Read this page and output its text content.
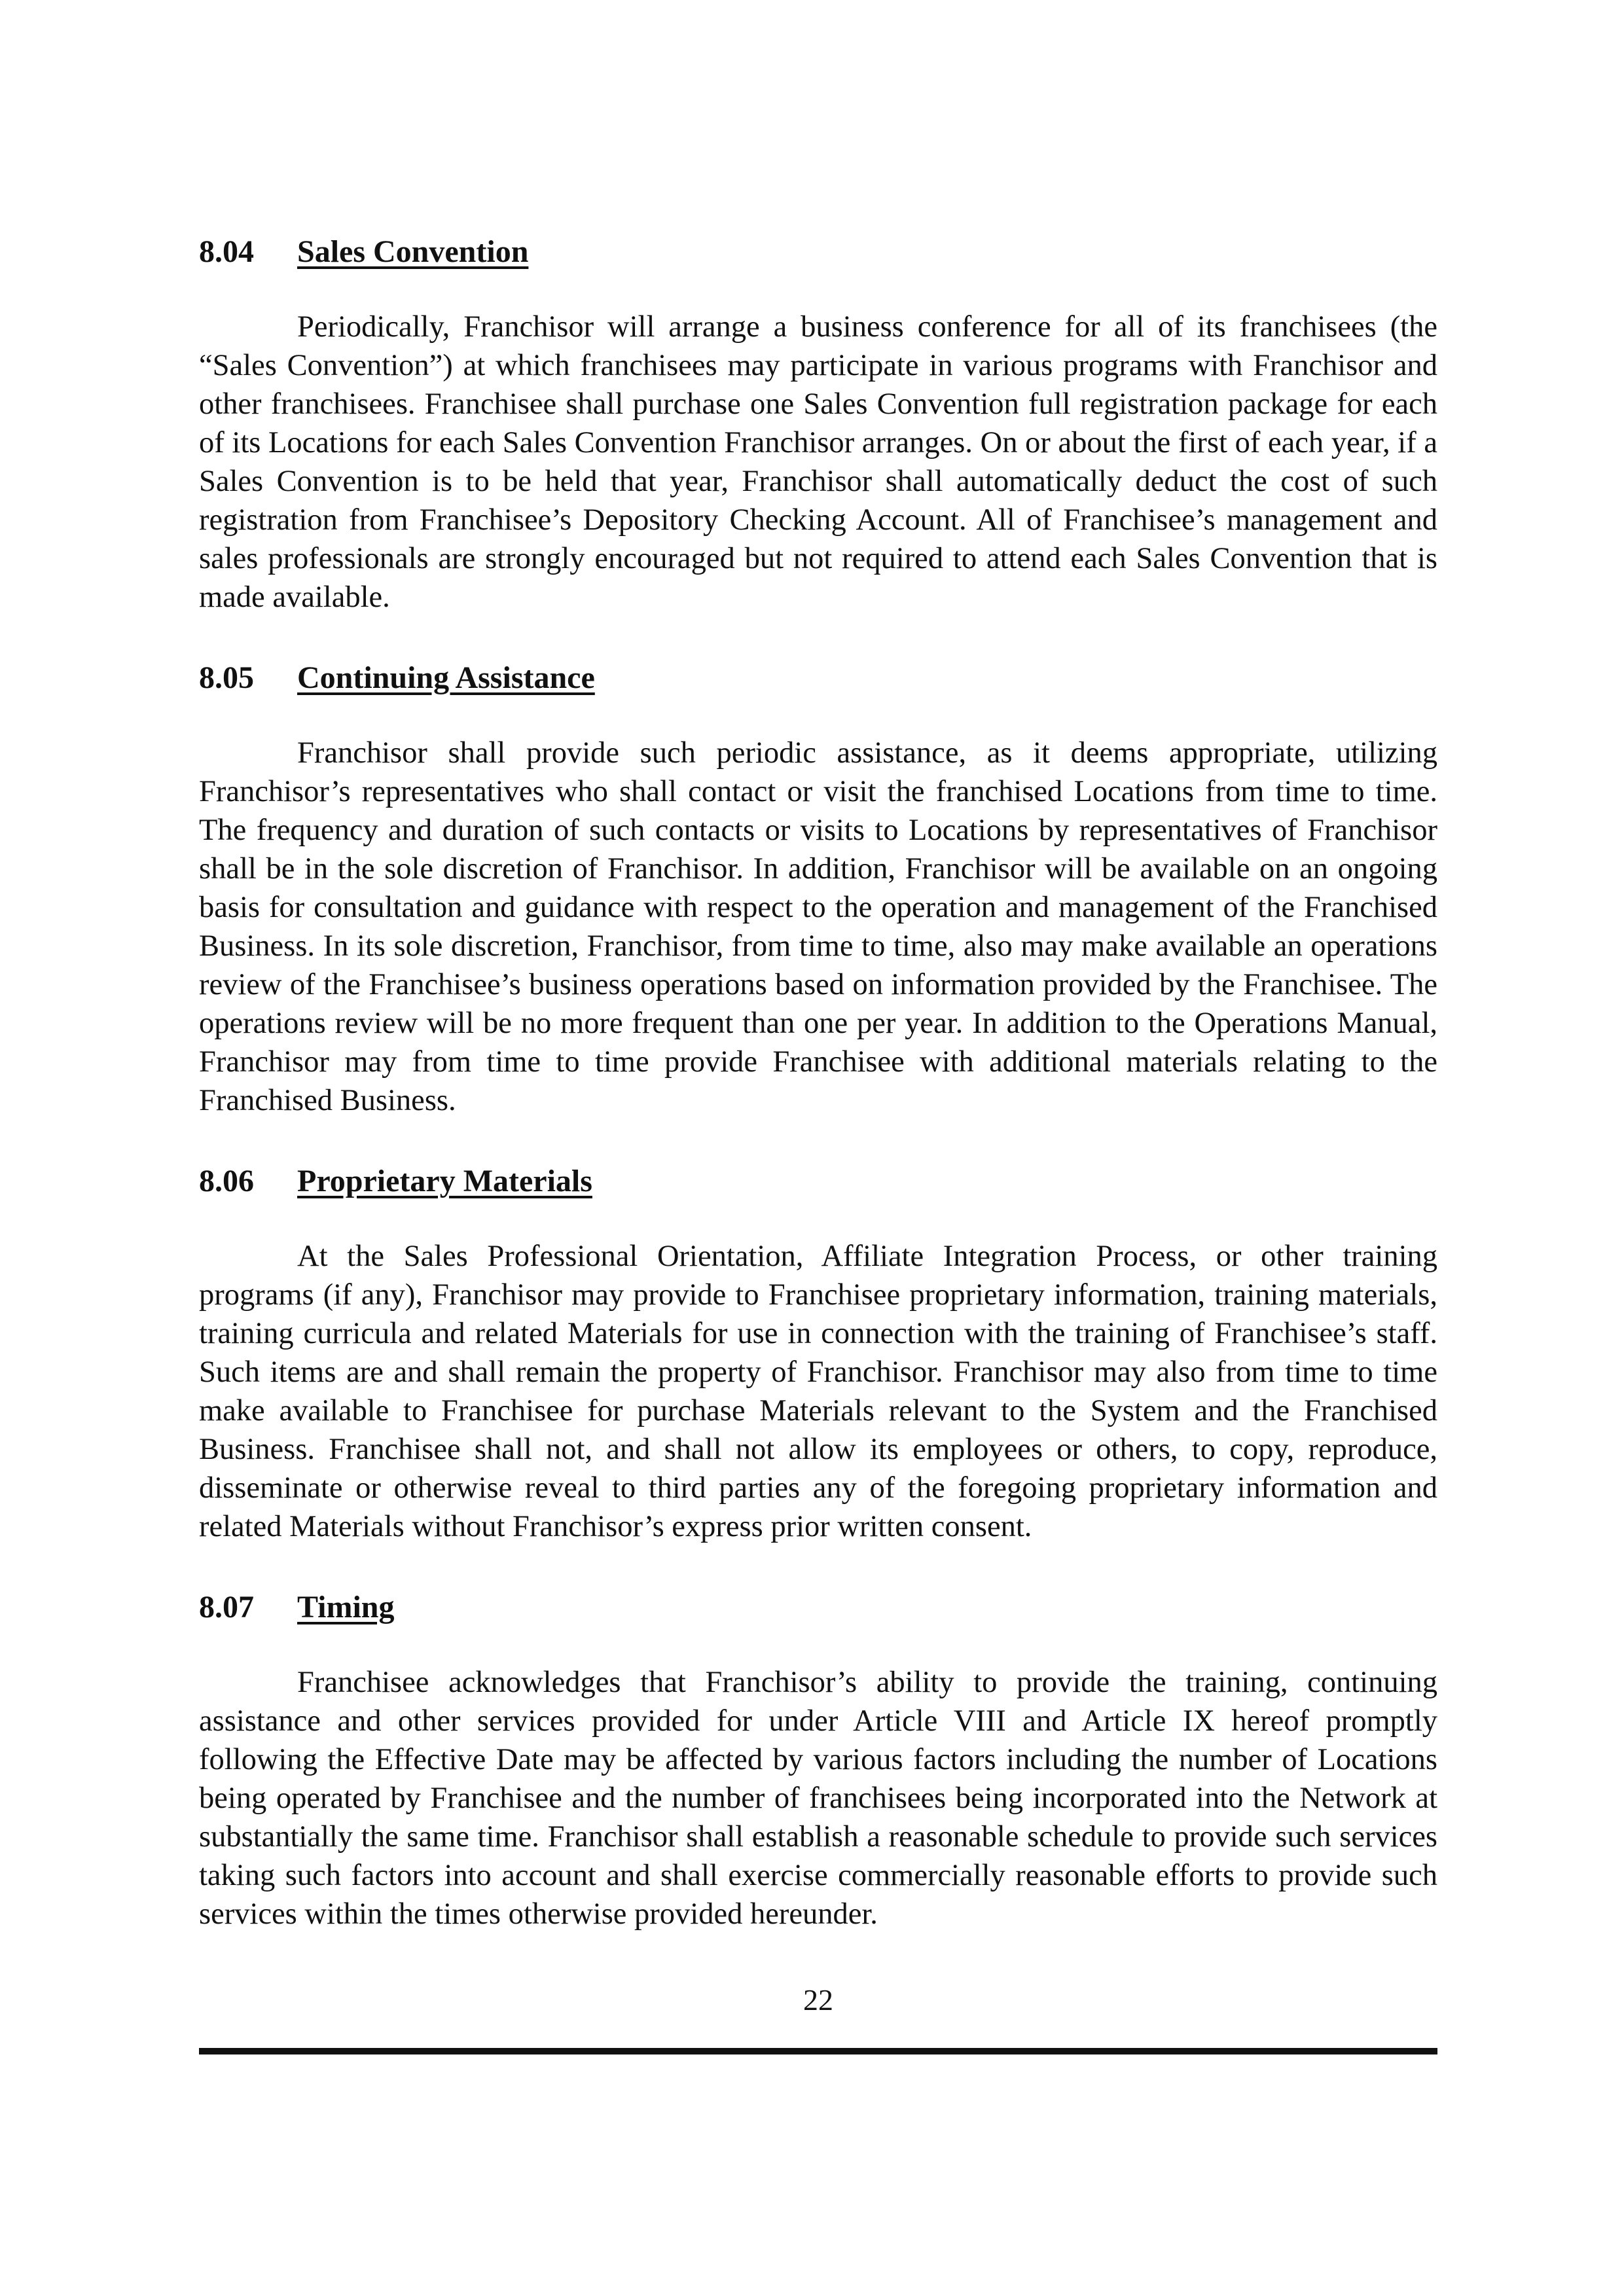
8.04 Sales Convention

Periodically, Franchisor will arrange a business conference for all of its franchisees (the “Sales Convention”) at which franchisees may participate in various programs with Franchisor and other franchisees. Franchisee shall purchase one Sales Convention full registration package for each of its Locations for each Sales Convention Franchisor arranges. On or about the first of each year, if a Sales Convention is to be held that year, Franchisor shall automatically deduct the cost of such registration from Franchisee’s Depository Checking Account. All of Franchisee’s management and sales professionals are strongly encouraged but not required to attend each Sales Convention that is made available.

8.05 Continuing Assistance

Franchisor shall provide such periodic assistance, as it deems appropriate, utilizing Franchisor’s representatives who shall contact or visit the franchised Locations from time to time. The frequency and duration of such contacts or visits to Locations by representatives of Franchisor shall be in the sole discretion of Franchisor. In addition, Franchisor will be available on an ongoing basis for consultation and guidance with respect to the operation and management of the Franchised Business. In its sole discretion, Franchisor, from time to time, also may make available an operations review of the Franchisee’s business operations based on information provided by the Franchisee. The operations review will be no more frequent than one per year. In addition to the Operations Manual, Franchisor may from time to time provide Franchisee with additional materials relating to the Franchised Business.

8.06 Proprietary Materials

At the Sales Professional Orientation, Affiliate Integration Process, or other training programs (if any), Franchisor may provide to Franchisee proprietary information, training materials, training curricula and related Materials for use in connection with the training of Franchisee’s staff. Such items are and shall remain the property of Franchisor. Franchisor may also from time to time make available to Franchisee for purchase Materials relevant to the System and the Franchised Business. Franchisee shall not, and shall not allow its employees or others, to copy, reproduce, disseminate or otherwise reveal to third parties any of the foregoing proprietary information and related Materials without Franchisor’s express prior written consent.

8.07 Timing

Franchisee acknowledges that Franchisor’s ability to provide the training, continuing assistance and other services provided for under Article VIII and Article IX hereof promptly following the Effective Date may be affected by various factors including the number of Locations being operated by Franchisee and the number of franchisees being incorporated into the Network at substantially the same time. Franchisor shall establish a reasonable schedule to provide such services taking such factors into account and shall exercise commercially reasonable efforts to provide such services within the times otherwise provided hereunder.

22
